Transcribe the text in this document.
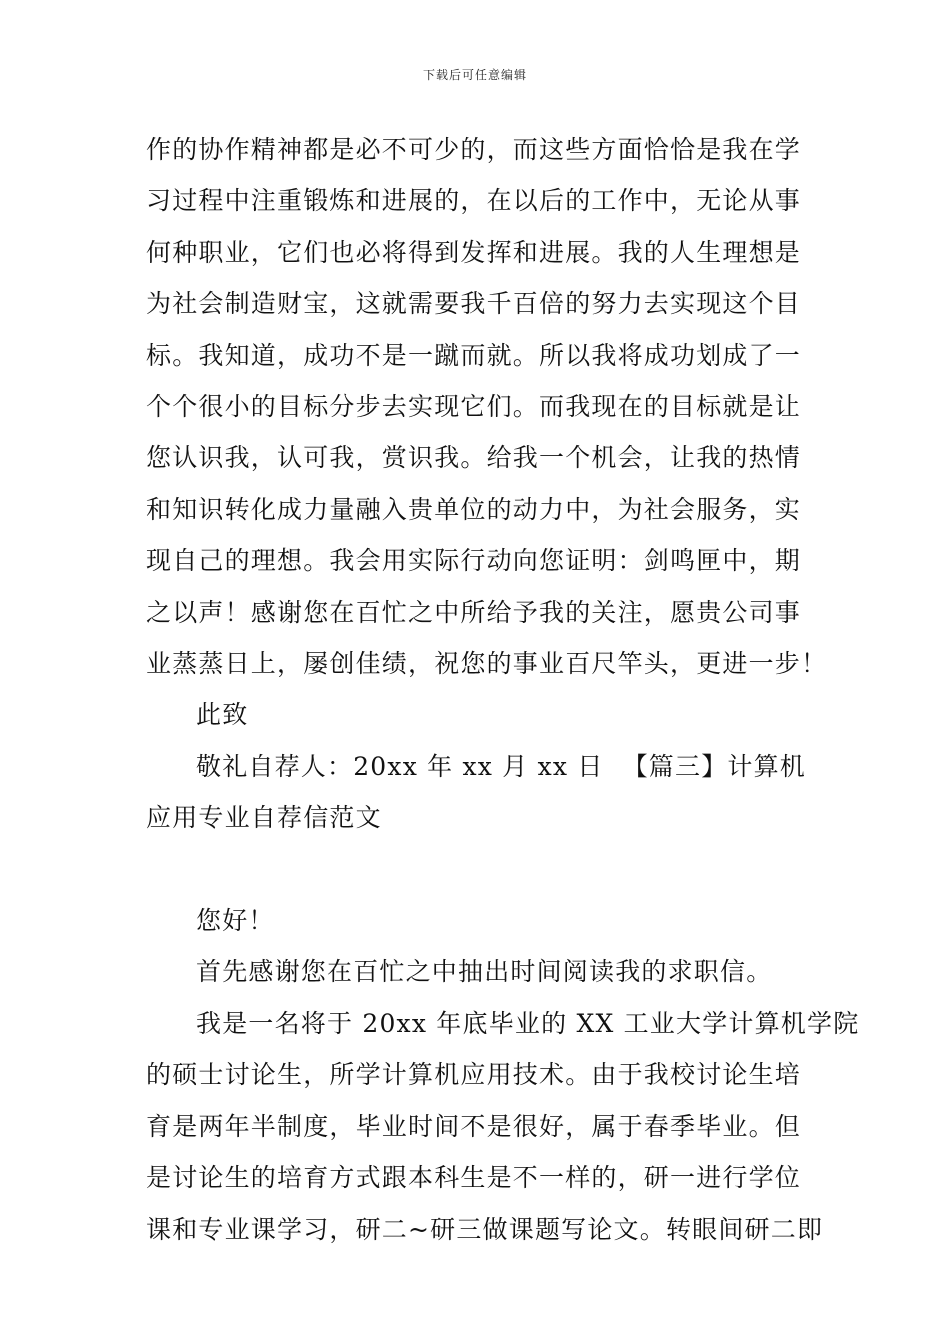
下载后可任意编辑
作的协作精神都是必不可少的，而这些方面恰恰是我在学
习过程中注重锻炼和进展的，在以后的工作中，无论从事
何种职业，它们也必将得到发挥和进展。我的人生理想是
为社会制造财宝，这就需要我千百倍的努力去实现这个目
标。我知道，成功不是一蹴而就。所以我将成功划成了一
个个很小的目标分步去实现它们。而我现在的目标就是让
您认识我，认可我，赏识我。给我一个机会，让我的热情
和知识转化成力量融入贵单位的动力中，为社会服务，实
现自己的理想。我会用实际行动向您证明：剑鸣匣中，期
之以声！感谢您在百忙之中所给予我的关注，愿贵公司事
业蒸蒸日上，屡创佳绩，祝您的事业百尺竿头，更进一步！
此致
敬礼自荐人：20xx 年 xx 月 xx 日 【篇三】计算机
应用专业自荐信范文
您好！
首先感谢您在百忙之中抽出时间阅读我的求职信。
我是一名将于 20xx 年底毕业的 XX 工业大学计算机学院
的硕士讨论生，所学计算机应用技术。由于我校讨论生培
育是两年半制度，毕业时间不是很好，属于春季毕业。但
是讨论生的培育方式跟本科生是不一样的，研一进行学位
课和专业课学习，研二~研三做课题写论文。转眼间研二即
